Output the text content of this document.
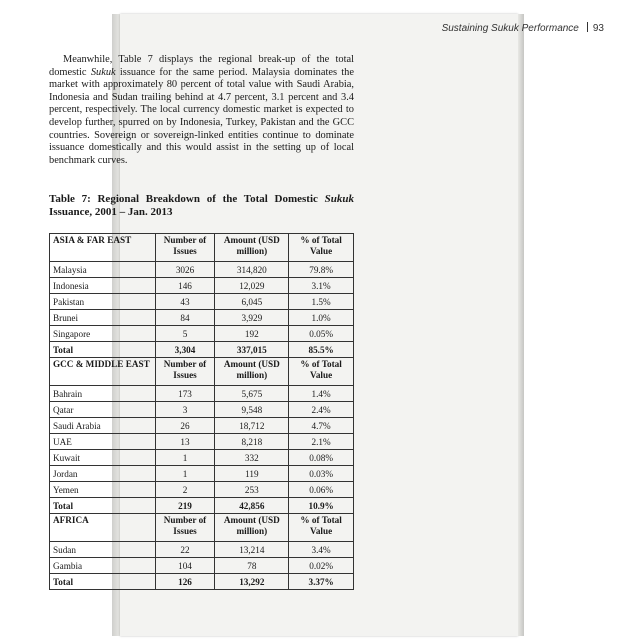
Sustaining Sukuk Performance 93

Meanwhile, Table 7 displays the regional break-up of the total domestic Sukuk issuance for the same period. Malaysia dominates the market with approximately 80 percent of total value with Saudi Arabia, Indonesia and Sudan trailing behind at 4.7 percent, 3.1 percent and 3.4 percent, respectively. The local currency domestic market is expected to develop further, spurred on by Indonesia, Turkey, Pakistan and the GCC countries. Sovereign or sovereign-linked entities continue to dominate issuance domestically and this would assist in the setting up of local benchmark curves.

Table 7: Regional Breakdown of the Total Domestic Sukuk Issuance, 2001 – Jan. 2013
ASIA & FAR EAST	Number of Issues	Amount (USD million)	% of Total Value
Malaysia	3026	314,820	79.8%
Indonesia	146	12,029	3.1%
Pakistan	43	6,045	1.5%
Brunei	84	3,929	1.0%
Singapore	5	192	0.05%
Total	3,304	337,015	85.5%
GCC & MIDDLE EAST	Number of Issues	Amount (USD million)	% of Total Value
Bahrain	173	5,675	1.4%
Qatar	3	9,548	2.4%
Saudi Arabia	26	18,712	4.7%
UAE	13	8,218	2.1%
Kuwait	1	332	0.08%
Jordan	1	119	0.03%
Yemen	2	253	0.06%
Total	219	42,856	10.9%
AFRICA	Number of Issues	Amount (USD million)	% of Total Value
Sudan	22	13,214	3.4%
Gambia	104	78	0.02%
Total	126	13,292	3.37%
